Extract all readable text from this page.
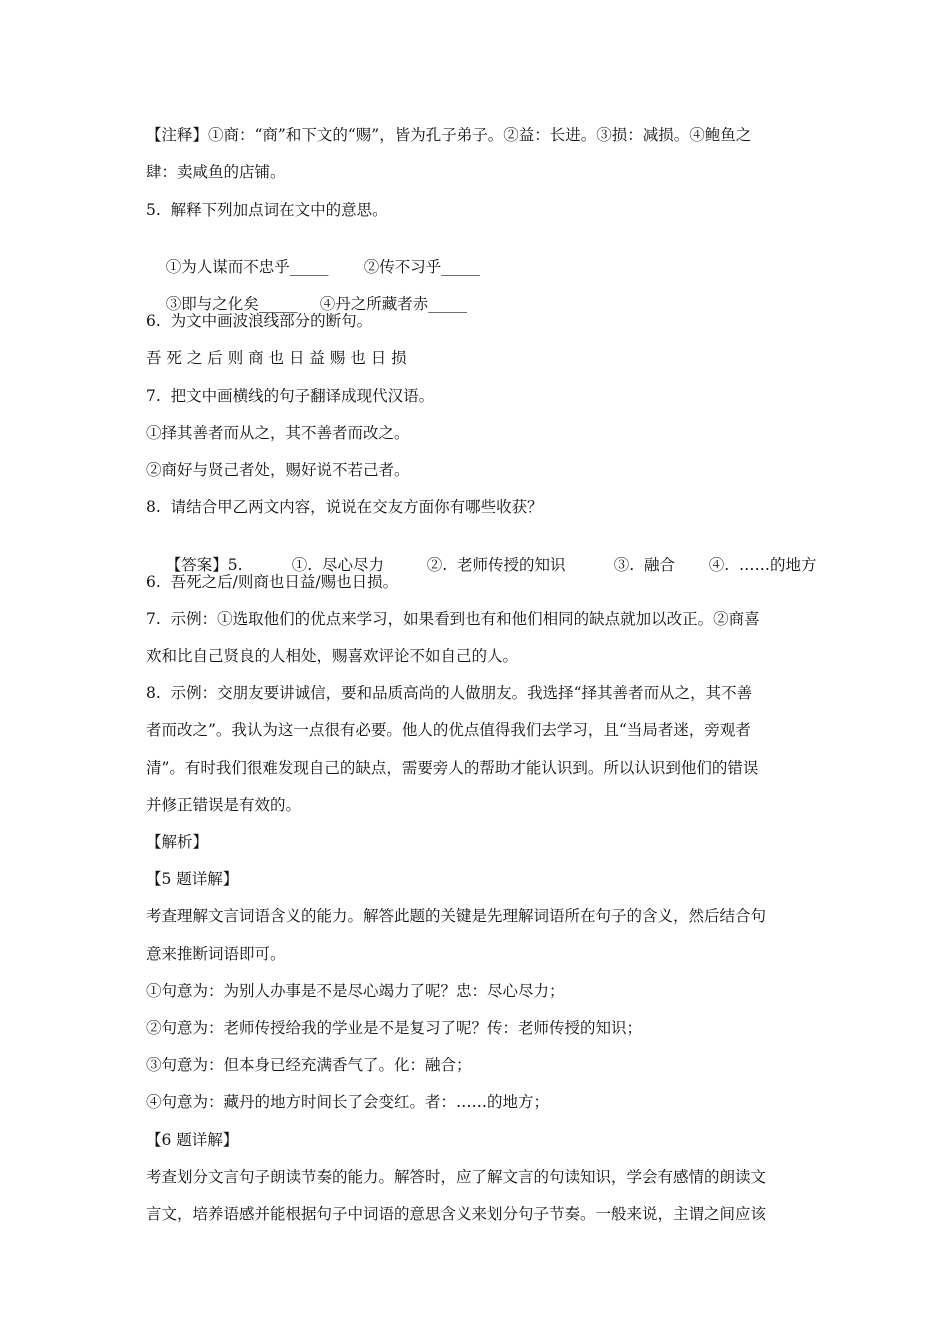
【注释】①商：“商”和下文的“赐”，皆为孔子弟子。②益：长进。③损：减损。④鲍鱼之
肆：卖咸鱼的店铺。
5.  解释下列加点词在文中的意思。

①为人谋而不忠乎_____ ②传不习乎_____

③即与之化矣_____ ④丹之所藏者赤_____

6.  为文中画波浪线部分的断句。
吾 死 之 后 则 商 也 日 益 赐 也 日 损
7.  把文中画横线的句子翻译成现代汉语。
①择其善者而从之，其不善者而改之。
②商好与贤己者处，赐好说不若己者。
8.  请结合甲乙两文内容，说说在交友方面你有哪些收获？

【答案】5.	①.  尽心尽力	②.  老师传授的知识	③.  融合 ④.  ……的地方

6.  吾死之后/则商也日益/赐也日损。
7.  示例：①选取他们的优点来学习，如果看到也有和他们相同的缺点就加以改正。②商喜
欢和比自己贤良的人相处，赐喜欢评论不如自己的人。
8.  示例：交朋友要讲诚信，要和品质高尚的人做朋友。我选择“择其善者而从之，其不善
者而改之”。我认为这一点很有必要。他人的优点值得我们去学习，且“当局者迷，旁观者
清”。有时我们很难发现自己的缺点，需要旁人的帮助才能认识到。所以认识到他们的错误
并修正错误是有效的。
【解析】
【5 题详解】
考查理解文言词语含义的能力。解答此题的关键是先理解词语所在句子的含义，然后结合句
意来推断词语即可。
①句意为：为别人办事是不是尽心竭力了呢？忠：尽心尽力；
②句意为：老师传授给我的学业是不是复习了呢？传：老师传授的知识；
③句意为：但本身已经充满香气了。化：融合；
④句意为：藏丹的地方时间长了会变红。者：……的地方；
【6 题详解】
考查划分文言句子朗读节奏的能力。解答时，应了解文言的句读知识，学会有感情的朗读文
言文，培养语感并能根据句子中词语的意思含义来划分句子节奏。一般来说，主谓之间应该
